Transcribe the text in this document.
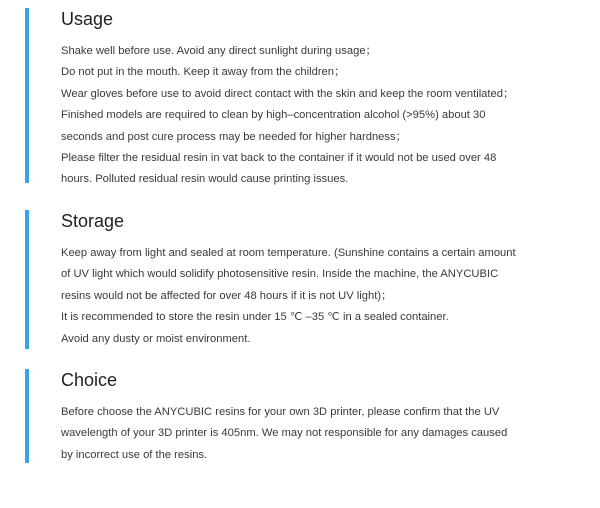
Usage

Shake well before use. Avoid any direct sunlight during usage；

Do not put in the mouth. Keep it away from the children；

Wear gloves before use to avoid direct contact with the skin and keep the room ventilated；

Finished models are required to clean by high–concentration alcohol (>95%) about 30

seconds and post cure process may be needed for higher hardness；

Please filter the residual resin in vat back to the container if it would not be used over 48

hours. Polluted residual resin would cause printing issues.

Storage

Keep away from light and sealed at room temperature. (Sunshine contains a certain amount

of UV light which would solidify photosensitive resin. Inside the machine, the ANYCUBIC

resins would not be affected for over 48 hours if it is not UV light)；

It is recommended to store the resin under 15 ℃ –35 ℃ in a sealed container.

Avoid any dusty or moist environment.

Choice

Before choose the ANYCUBIC resins for your own 3D printer, please confirm that the UV

wavelength of your 3D printer is 405nm. We may not responsible for any damages caused

by incorrect use of the resins.
